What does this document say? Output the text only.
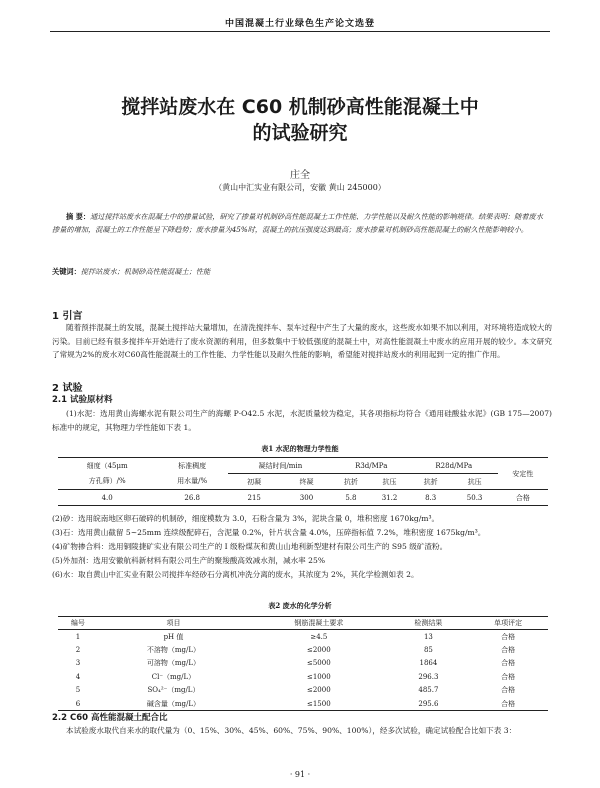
中国混凝土行业绿色生产论文选登
搅拌站废水在 C60 机制砂高性能混凝土中
的试验研究
庄全
（黄山中汇实业有限公司，安徽 黄山 245000）
摘 要：通过搅拌站废水在混凝土中的掺量试验，研究了掺量对机制砂高性能混凝土工作性能、力学性能以及耐久性能的影响规律。结果表明：随着废水掺量的增加，混凝土的工作性能呈下降趋势；废水掺量为45%时，混凝土的抗压强度达到最高；废水掺量对机制砂高性能混凝土的耐久性能影响较小。
关键词：搅拌站废水；机制砂高性能混凝土；性能
1 引言
随着预拌混凝土的发展，混凝土搅拌站大量增加，在清洗搅拌车、泵车过程中产生了大量的废水，这些废水如果不加以利用，对环境将造成较大的污染。目前已经有很多搅拌车开始进行了废水资源的利用，但多数集中于较低强度的混凝土中，对高性能混凝土中废水的应用开展的较少。本文研究了常规为2%的废水对C60高性能混凝土的工作性能、力学性能以及耐久性能的影响，希望能对搅拌站废水的利用起到一定的推广作用。
2 试验
2.1 试验原材料
(1)水泥：选用黄山海螺水泥有限公司生产的海螺 P·O42.5 水泥，水泥质量较为稳定，其各项指标均符合《通用硅酸盐水泥》(GB 175—2007) 标准中的规定，其物理力学性能如下表 1。
表1 水泥的物理力学性能
细度（45μm	标准稠度	凝结时间/min		R3d/MPa		R28d/MPa		安定性
方孔筛）/%	用水量/%	初凝	终凝	抗折	抗压	抗折	抗压	
4.0	26.8	215	300	5.8	31.2	8.3	50.3	合格
(2)砂：选用皖南地区卵石破碎的机制砂，细度模数为 3.0，石粉含量为 3%，泥块含量 0，堆积密度 1670kg/m³。
(3)石：选用黄山截留 5~25mm 连续级配碎石，含泥量 0.2%，针片状含量 4.0%，压碎指标值 7.2%，堆积密度 1675kg/m³。
(4)矿物掺合料：选用铜陵捷矿实业有限公司生产的 I 级粉煤灰和黄山山地利新型建材有限公司生产的 S95 级矿渣粉。
(5)外加剂：选用安徽航科新材料有限公司生产的聚羧酸高效减水剂，减水率 25%
(6)水：取自黄山中汇实业有限公司搅拌车经砂石分离机冲洗分离的废水，其浓度为 2%，其化学检测如表 2。
表2 废水的化学分析
编号	项目	钢筋混凝土要求	检测结果	单项评定
1	pH 值	≥4.5	13	合格
2	不溶物（mg/L）	≤2000	85	合格
3	可溶物（mg/L）	≤5000	1864	合格
4	Cl⁻（mg/L）	≤1000	296.3	合格
5	SO₄²⁻（mg/L）	≤2000	485.7	合格
6	碱含量（mg/L）	≤1500	295.6	合格
2.2 C60 高性能混凝土配合比
本试验废水取代自来水的取代量为（0、15%、30%、45%、60%、75%、90%、100%），经多次试验，确定试验配合比如下表 3：
· 91 ·
